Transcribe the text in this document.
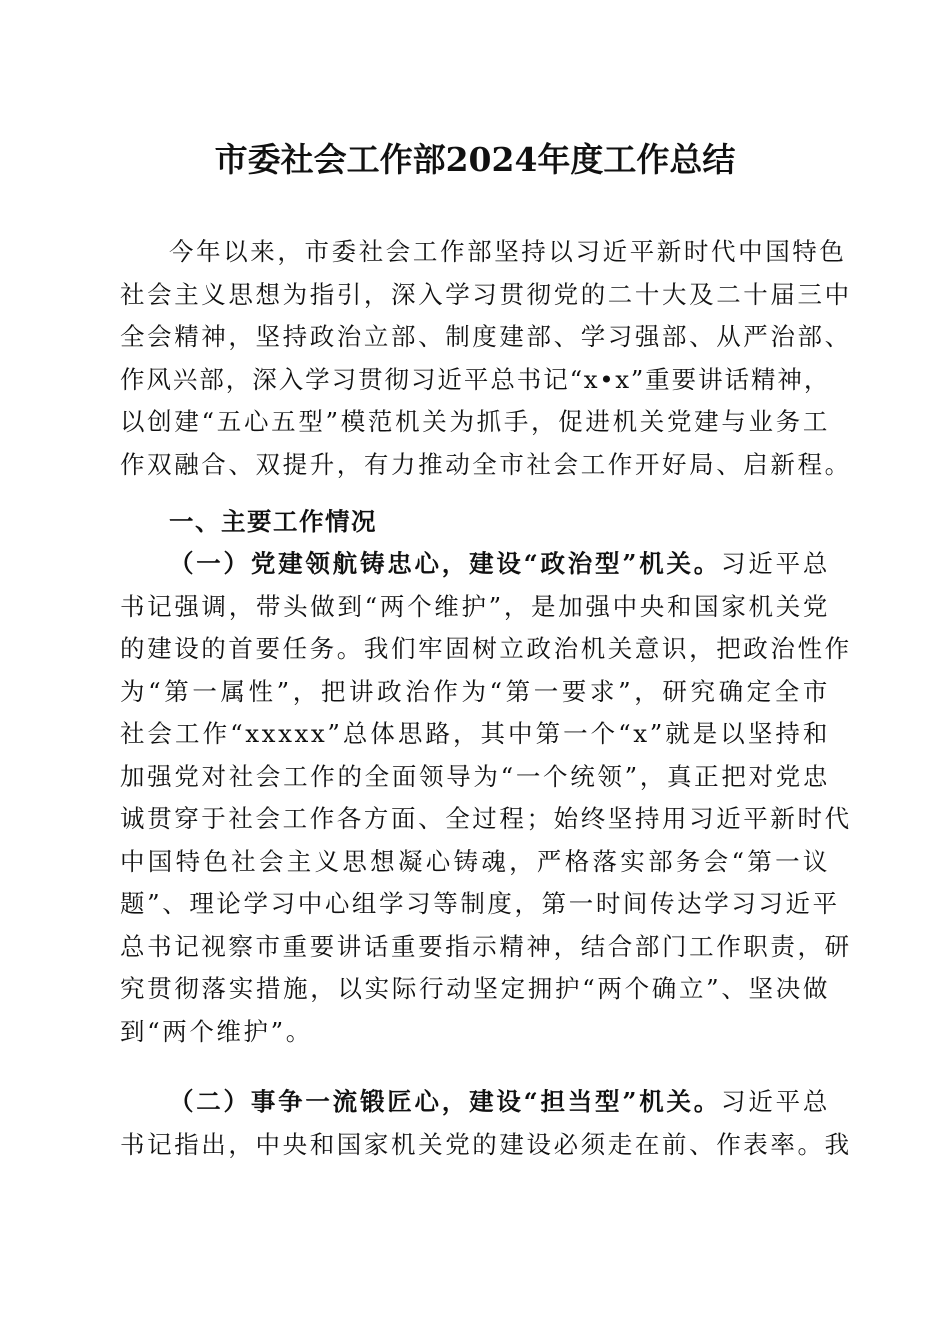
市委社会工作部2024年度工作总结
今年以来，市委社会工作部坚持以习近平新时代中国特色
社会主义思想为指引，深入学习贯彻党的二十大及二十届三中
全会精神，坚持政治立部、制度建部、学习强部、从严治部、
作风兴部，深入学习贯彻习近平总书记“x•x”重要讲话精神，
以创建“五心五型”模范机关为抓手，促进机关党建与业务工
作双融合、双提升，有力推动全市社会工作开好局、启新程。
一、主要工作情况
（一）党建领航铸忠心，建设“政治型”机关。习近平总
书记强调，带头做到“两个维护”，是加强中央和国家机关党
的建设的首要任务。我们牢固树立政治机关意识，把政治性作
为“第一属性”，把讲政治作为“第一要求”，研究确定全市
社会工作“xxxxx”总体思路，其中第一个“x”就是以坚持和
加强党对社会工作的全面领导为“一个统领”，真正把对党忠
诚贯穿于社会工作各方面、全过程；始终坚持用习近平新时代
中国特色社会主义思想凝心铸魂，严格落实部务会“第一议
题”、理论学习中心组学习等制度，第一时间传达学习习近平
总书记视察市重要讲话重要指示精神，结合部门工作职责，研
究贯彻落实措施，以实际行动坚定拥护“两个确立”、坚决做
到“两个维护”。
（二）事争一流锻匠心，建设“担当型”机关。习近平总
书记指出，中央和国家机关党的建设必须走在前、作表率。我
